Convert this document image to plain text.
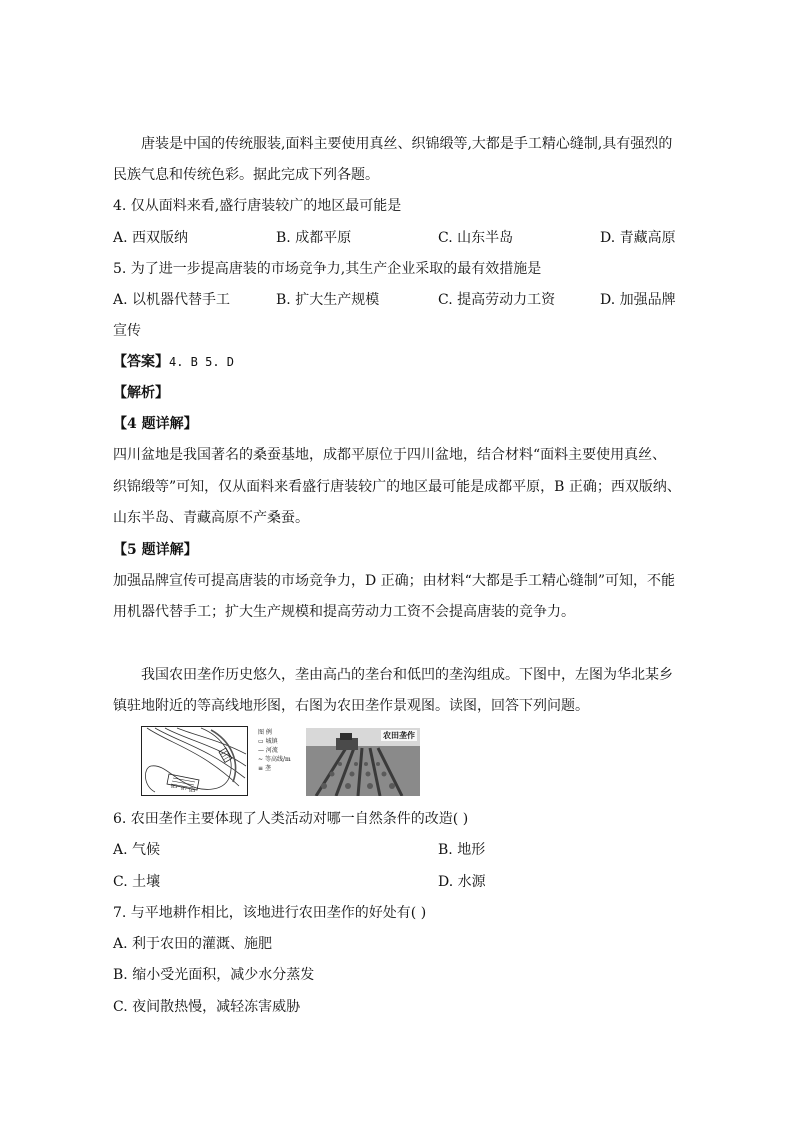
唐装是中国的传统服装,面料主要使用真丝、织锦缎等,大都是手工精心缝制,具有强烈的
民族气息和传统色彩。据此完成下列各题。
4. 仅从面料来看,盛行唐装较广的地区最可能是
A. 西双版纳	B. 成都平原	C. 山东半岛	D. 青藏高原
5. 为了进一步提高唐装的市场竞争力,其生产企业采取的最有效措施是
A. 以机器代替手工	B. 扩大生产规模	C. 提高劳动力工资	D. 加强品牌
宣传
【答案】4. B 5. D
【解析】
【4 题详解】
四川盆地是我国著名的桑蚕基地，成都平原位于四川盆地，结合材料“面料主要使用真丝、
织锦缎等”可知，仅从面料来看盛行唐装较广的地区最可能是成都平原，B 正确；西双版纳、
山东半岛、青藏高原不产桑蚕。
【5 题详解】
加强品牌宣传可提高唐装的市场竞争力，D 正确；由材料“大都是手工精心缝制”可知，不能
用机器代替手工；扩大生产规模和提高劳动力工资不会提高唐装的竞争力。
我国农田垄作历史悠久，垄由高凸的垄台和低凹的垄沟组成。下图中，左图为华北某乡
镇驻地附近的等高线地形图，右图为农田垄作景观图。读图，回答下列问题。
85 87 85
图 例
▭ 城镇
— 河流
~ 等高线/m
≡ 垄
农田垄作
6. 农田垄作主要体现了人类活动对哪一自然条件的改造( )
A. 气候	B. 地形
C. 土壤	D. 水源
7. 与平地耕作相比，该地进行农田垄作的好处有( )
A. 利于农田的灌溉、施肥
B. 缩小受光面积，减少水分蒸发
C. 夜间散热慢，减轻冻害威胁
